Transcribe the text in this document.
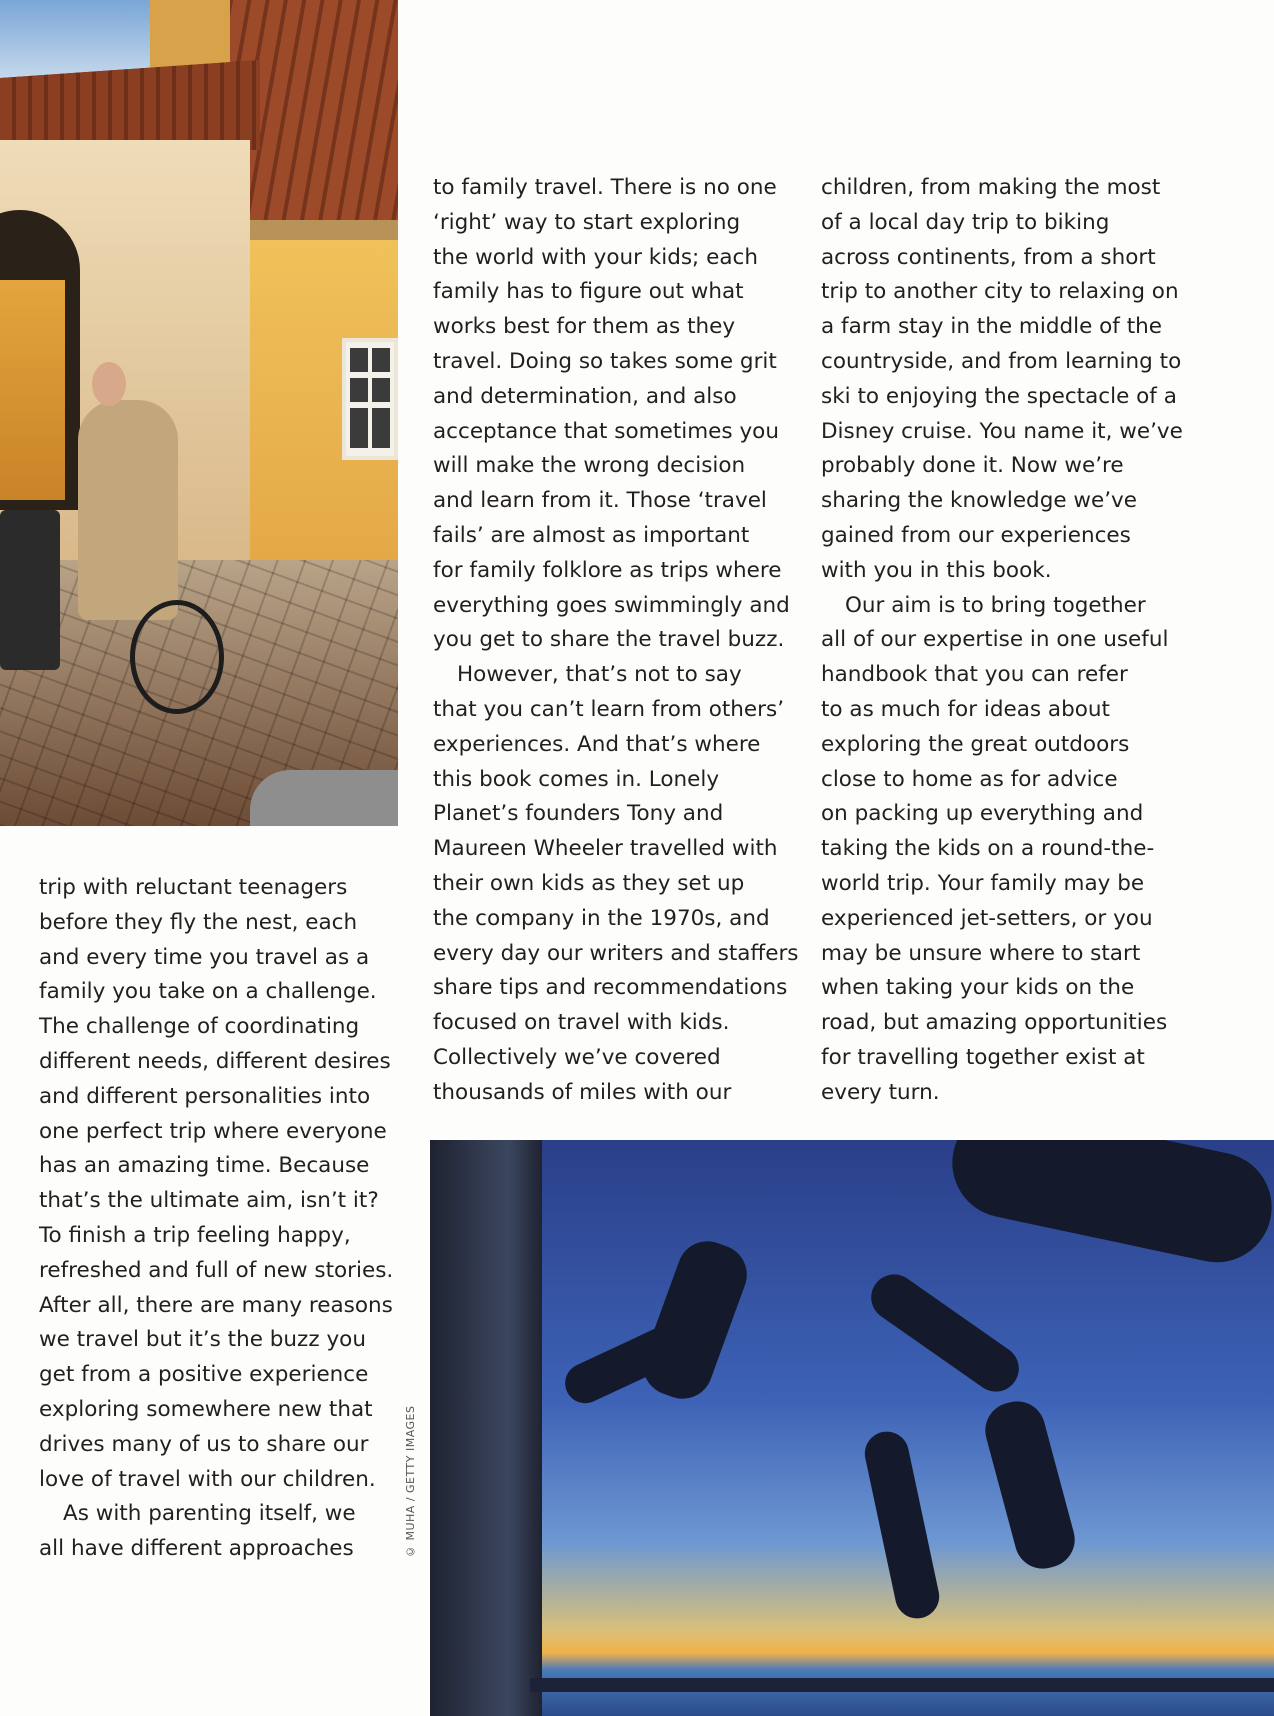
trip with reluctant teenagers
before they fly the nest, each
and every time you travel as a
family you take on a challenge.
The challenge of coordinating
different needs, different desires
and different personalities into
one perfect trip where everyone
has an amazing time. Because
that’s the ultimate aim, isn’t it?
To finish a trip feeling happy,
refreshed and full of new stories.
After all, there are many reasons
we travel but it’s the buzz you
get from a positive experience
exploring somewhere new that
drives many of us to share our
love of travel with our children.

As with parenting itself, we
all have different approaches

to family travel. There is no one
‘right’ way to start exploring
the world with your kids; each
family has to figure out what
works best for them as they
travel. Doing so takes some grit
and determination, and also
acceptance that sometimes you
will make the wrong decision
and learn from it. Those ‘travel
fails’ are almost as important
for family folklore as trips where
everything goes swimmingly and
you get to share the travel buzz.

However, that’s not to say
that you can’t learn from others’
experiences. And that’s where
this book comes in. Lonely
Planet’s founders Tony and
Maureen Wheeler travelled with
their own kids as they set up
the company in the 1970s, and
every day our writers and staffers
share tips and recommendations
focused on travel with kids.
Collectively we’ve covered
thousands of miles with our

children, from making the most
of a local day trip to biking
across continents, from a short
trip to another city to relaxing on
a farm stay in the middle of the
countryside, and from learning to
ski to enjoying the spectacle of a
Disney cruise. You name it, we’ve
probably done it. Now we’re
sharing the knowledge we’ve
gained from our experiences
with you in this book.

Our aim is to bring together
all of our expertise in one useful
handbook that you can refer
to as much for ideas about
exploring the great outdoors
close to home as for advice
on packing up everything and
taking the kids on a round-the-
world trip. Your family may be
experienced jet-setters, or you
may be unsure where to start
when taking your kids on the
road, but amazing opportunities
for travelling together exist at
every turn.

© MUHA / GETTY IMAGES
